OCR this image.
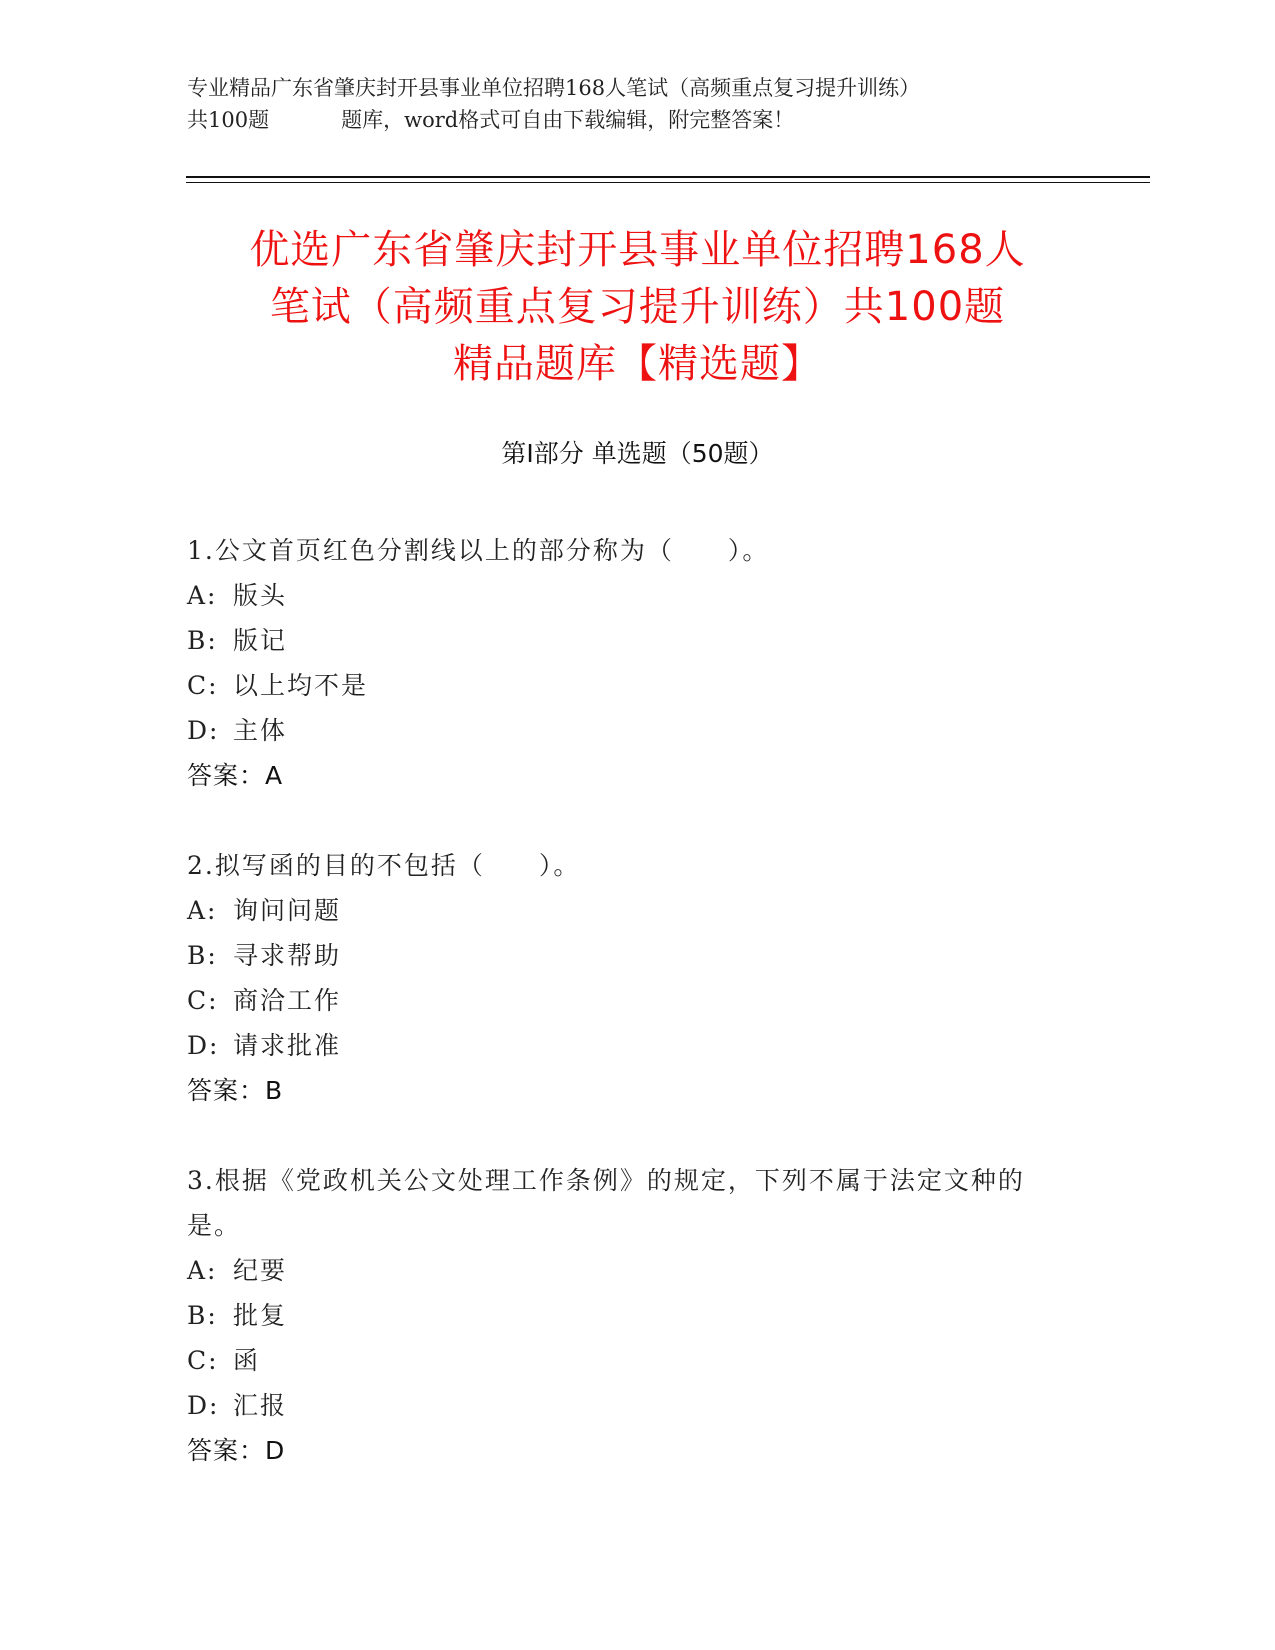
专业精品广东省肇庆封开县事业单位招聘168人笔试（高频重点复习提升训练）
共100题	题库，word格式可自由下载编辑，附完整答案！
优选广东省肇庆封开县事业单位招聘168人
笔试（高频重点复习提升训练）共100题
精品题库【精选题】
第I部分 单选题（50题）
1.公文首页红色分割线以上的部分称为（　　）。
A: 版头
B: 版记
C: 以上均不是
D: 主体
答案：A
2.拟写函的目的不包括（　　）。
A: 询问问题
B: 寻求帮助
C: 商洽工作
D: 请求批准
答案：B
3.根据《党政机关公文处理工作条例》的规定，下列不属于法定文种的是。
A: 纪要
B: 批复
C: 函
D: 汇报
答案：D
